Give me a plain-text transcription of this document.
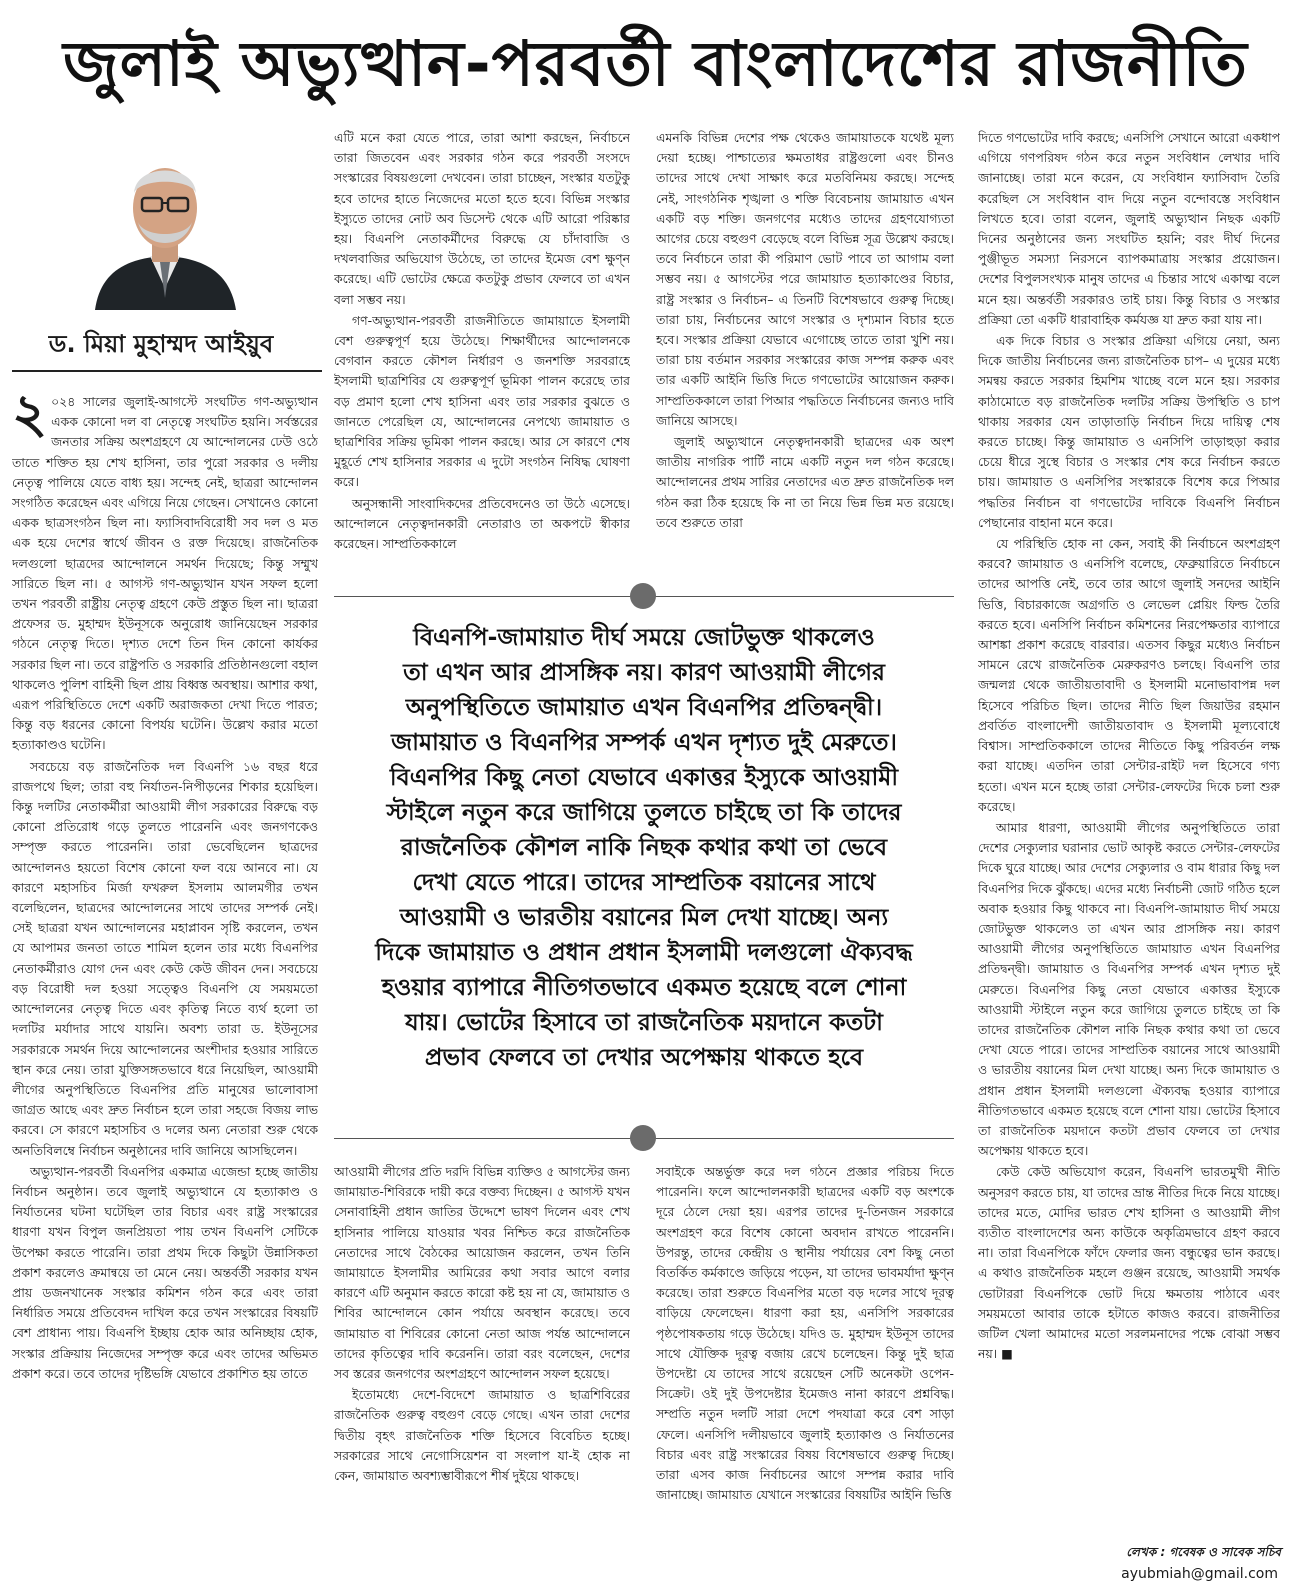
জুলাই অভ্যুত্থান-পরবর্তী বাংলাদেশের রাজনীতি
ড. মিয়া মুহাম্মদ আইয়ুব

২ ০২৪ সালের জুলাই-আগস্টে সংঘটিত গণ-অভ্যুত্থান একক কোনো দল বা নেতৃত্বে সংঘটিত হয়নি। সর্বস্তরের জনতার সক্রিয় অংশগ্রহণে যে আন্দোলনের ঢেউ ওঠে তাতে শক্তিত হয় শেখ হাসিনা, তার পুরো সরকার ও দলীয় নেতৃত্ব পালিয়ে যেতে বাধ্য হয়। সন্দেহ নেই, ছাত্ররা আন্দোলন সংগঠিত করেছেন এবং এগিয়ে নিয়ে গেছেন। সেখানেও কোনো একক ছাত্রসংগঠন ছিল না। ফ্যাসিবাদবিরোধী সব দল ও মত এক হয়ে দেশের স্বার্থে জীবন ও রক্ত দিয়েছে। রাজনৈতিক দলগুলো ছাত্রদের আন্দোলনে সমর্থন দিয়েছে; কিন্তু সম্মুখ সারিতে ছিল না। ৫ আগস্ট গণ-অভ্যুত্থান যখন সফল হলো তখন পরবর্তী রাষ্ট্রীয় নেতৃত্ব গ্রহণে কেউ প্রস্তুত ছিল না। ছাত্ররা প্রফেসর ড. মুহাম্মদ ইউনূসকে অনুরোধ জানিয়েছেন সরকার গঠনে নেতৃত্ব দিতে। দৃশ্যত দেশে তিন দিন কোনো কার্যকর সরকার ছিল না। তবে রাষ্ট্রপতি ও সরকারি প্রতিষ্ঠানগুলো বহাল থাকলেও পুলিশ বাহিনী ছিল প্রায় বিধ্বস্ত অবস্থায়। আশার কথা, এরূপ পরিস্থিতিতে দেশে একটি অরাজকতা দেখা দিতে পারত; কিন্তু বড় ধরনের কোনো বিপর্যয় ঘটেনি। উল্লেখ করার মতো হত্যাকাণ্ডও ঘটেনি।

সবচেয়ে বড় রাজনৈতিক দল বিএনপি ১৬ বছর ধরে রাজপথে ছিল; তারা বহু নির্যাতন-নিপীড়নের শিকার হয়েছিল। কিন্তু দলটির নেতাকর্মীরা আওয়ামী লীগ সরকারের বিরুদ্ধে বড় কোনো প্রতিরোধ গড়ে তুলতে পারেননি এবং জনগণকেও সম্পৃক্ত করতে পারেননি। তারা ভেবেছিলেন ছাত্রদের আন্দোলনও হয়তো বিশেষ কোনো ফল বয়ে আনবে না। যে কারণে মহাসচিব মির্জা ফখরুল ইসলাম আলমগীর তখন বলেছিলেন, ছাত্রদের আন্দোলনের সাথে তাদের সম্পর্ক নেই। সেই ছাত্ররা যখন আন্দোলনের মহাপ্লাবন সৃষ্টি করলেন, তখন যে আপামর জনতা তাতে শামিল হলেন তার মধ্যে বিএনপির নেতাকর্মীরাও যোগ দেন এবং কেউ কেউ জীবন দেন। সবচেয়ে বড় বিরোধী দল হওয়া সত্ত্বেও বিএনপি যে সময়মতো আন্দোলনের নেতৃত্ব দিতে এবং কৃতিত্ব নিতে ব্যর্থ হলো তা দলটির মর্যাদার সাথে যায়নি। অবশ্য তারা ড. ইউনূসের সরকারকে সমর্থন দিয়ে আন্দোলনের অংশীদার হওয়ার সারিতে স্থান করে নেয়। তারা যুক্তিসঙ্গতভাবে ধরে নিয়েছিল, আওয়ামী লীগের অনুপস্থিতিতে বিএনপির প্রতি মানুষের ভালোবাসা জাগ্রত আছে এবং দ্রুত নির্বাচন হলে তারা সহজে বিজয় লাভ করবে। সে কারণে মহাসচিব ও দলের অন্য নেতারা শুরু থেকে অনতিবিলম্বে নির্বাচন অনুষ্ঠানের দাবি জানিয়ে আসছিলেন।

অভ্যুত্থান-পরবর্তী বিএনপির একমাত্র এজেন্ডা হচ্ছে জাতীয় নির্বাচন অনুষ্ঠান। তবে জুলাই অভ্যুত্থানে যে হত্যাকাণ্ড ও নির্যাতনের ঘটনা ঘটেছিল তার বিচার এবং রাষ্ট্র সংস্কারের ধারণা যখন বিপুল জনপ্রিয়তা পায় তখন বিএনপি সেটিকে উপেক্ষা করতে পারেনি। তারা প্রথম দিকে কিছুটা উন্নাসিকতা প্রকাশ করলেও ক্রমান্বয়ে তা মেনে নেয়। অন্তর্বর্তী সরকার যখন প্রায় ডজনখানেক সংস্কার কমিশন গঠন করে এবং তারা নির্ধারিত সময়ে প্রতিবেদন দাখিল করে তখন সংস্কারের বিষয়টি বেশ প্রাধান্য পায়। বিএনপি ইচ্ছায় হোক আর অনিচ্ছায় হোক, সংস্কার প্রক্রিয়ায় নিজেদের সম্পৃক্ত করে এবং তাদের অভিমত প্রকাশ করে। তবে তাদের দৃষ্টিভঙ্গি যেভাবে প্রকাশিত হয় তাতে

এটি মনে করা যেতে পারে, তারা আশা করছেন, নির্বাচনে তারা জিতবেন এবং সরকার গঠন করে পরবর্তী সংসদে সংস্কারের বিষয়গুলো দেখবেন। তারা চাচ্ছেন, সংস্কার যতটুকু হবে তাদের হাতে নিজেদের মতো হতে হবে। বিভিন্ন সংস্কার ইস্যুতে তাদের নোট অব ডিসেন্ট থেকে এটি আরো পরিষ্কার হয়। বিএনপি নেতাকর্মীদের বিরুদ্ধে যে চাঁদাবাজি ও দখলবাজির অভিযোগ উঠেছে, তা তাদের ইমেজ বেশ ক্ষুণ্ন করেছে। এটি ভোটের ক্ষেত্রে কতটুকু প্রভাব ফেলবে তা এখন বলা সম্ভব নয়।

গণ-অভ্যুত্থান-পরবর্তী রাজনীতিতে জামায়াতে ইসলামী বেশ গুরুত্বপূর্ণ হয়ে উঠেছে। শিক্ষার্থীদের আন্দোলনকে বেগবান করতে কৌশল নির্ধারণ ও জনশক্তি সরবরাহে ইসলামী ছাত্রশিবির যে গুরুত্বপূর্ণ ভূমিকা পালন করেছে তার বড় প্রমাণ হলো শেখ হাসিনা এবং তার সরকার বুঝতে ও জানতে পেরেছিল যে, আন্দোলনের নেপথ্যে জামায়াত ও ছাত্রশিবির সক্রিয় ভূমিকা পালন করছে। আর সে কারণে শেষ মুহূর্তে শেখ হাসিনার সরকার এ দুটো সংগঠন নিষিদ্ধ ঘোষণা করে।

অনুসন্ধানী সাংবাদিকদের প্রতিবেদনেও তা উঠে এসেছে। আন্দোলনে নেতৃত্বদানকারী নেতারাও তা অকপটে স্বীকার করেছেন। সাম্প্রতিককালে

এমনকি বিভিন্ন দেশের পক্ষ থেকেও জামায়াতকে যথেষ্ট মূল্য দেয়া হচ্ছে। পাশ্চাত্যের ক্ষমতাধর রাষ্ট্রগুলো এবং চীনও তাদের সাথে দেখা সাক্ষাৎ করে মতবিনিময় করছে। সন্দেহ নেই, সাংগঠনিক শৃঙ্খলা ও শক্তি বিবেচনায় জামায়াত এখন একটি বড় শক্তি। জনগণের মধ্যেও তাদের গ্রহণযোগ্যতা আগের চেয়ে বহুগুণ বেড়েছে বলে বিভিন্ন সূত্র উল্লেখ করছে। তবে নির্বাচনে তারা কী পরিমাণ ভোট পাবে তা আগাম বলা সম্ভব নয়। ৫ আগস্টের পরে জামায়াত হত্যাকাণ্ডের বিচার, রাষ্ট্র সংস্কার ও নির্বাচন– এ তিনটি বিশেষভাবে গুরুত্ব দিচ্ছে। তারা চায়, নির্বাচনের আগে সংস্কার ও দৃশ্যমান বিচার হতে হবে। সংস্কার প্রক্রিয়া যেভাবে এগোচ্ছে তাতে তারা খুশি নয়। তারা চায় বর্তমান সরকার সংস্কারের কাজ সম্পন্ন করুক এবং তার একটি আইনি ভিত্তি দিতে গণভোটের আয়োজন করুক। সাম্প্রতিককালে তারা পিআর পদ্ধতিতে নির্বাচনের জন্যও দাবি জানিয়ে আসছে।

জুলাই অভ্যুত্থানে নেতৃত্বদানকারী ছাত্রদের এক অংশ জাতীয় নাগরিক পার্টি নামে একটি নতুন দল গঠন করেছে। আন্দোলনের প্রথম সারির নেতাদের এত দ্রুত রাজনৈতিক দল গঠন করা ঠিক হয়েছে কি না তা নিয়ে ভিন্ন ভিন্ন মত রয়েছে। তবে শুরুতে তারা

বিএনপি-জামায়াত দীর্ঘ সময়ে জোটভুক্ত থাকলেও
তা এখন আর প্রাসঙ্গিক নয়। কারণ আওয়ামী লীগের
অনুপস্থিতিতে জামায়াত এখন বিএনপির প্রতিদ্বন্দ্বী।
জামায়াত ও বিএনপির সম্পর্ক এখন দৃশ্যত দুই মেরুতে।
বিএনপির কিছু নেতা যেভাবে একাত্তর ইস্যুকে আওয়ামী
স্টাইলে নতুন করে জাগিয়ে তুলতে চাইছে তা কি তাদের
রাজনৈতিক কৌশল নাকি নিছক কথার কথা তা ভেবে
দেখা যেতে পারে। তাদের সাম্প্রতিক বয়ানের সাথে
আওয়ামী ও ভারতীয় বয়ানের মিল দেখা যাচ্ছে। অন্য
দিকে জামায়াত ও প্রধান প্রধান ইসলামী দলগুলো ঐক্যবদ্ধ
হওয়ার ব্যাপারে নীতিগতভাবে একমত হয়েছে বলে শোনা
যায়। ভোটের হিসাবে তা রাজনৈতিক ময়দানে কতটা
প্রভাব ফেলবে তা দেখার অপেক্ষায় থাকতে হবে

আওয়ামী লীগের প্রতি দরদি বিভিন্ন ব্যক্তিও ৫ আগস্টের জন্য জামায়াত-শিবিরকে দায়ী করে বক্তব্য দিচ্ছেন। ৫ আগস্ট যখন সেনাবাহিনী প্রধান জাতির উদ্দেশে ভাষণ দিলেন এবং শেখ হাসিনার পালিয়ে যাওয়ার খবর নিশ্চিত করে রাজনৈতিক নেতাদের সাথে বৈঠকের আয়োজন করলেন, তখন তিনি জামায়াতে ইসলামীর আমিরের কথা সবার আগে বলার কারণে এটি অনুমান করতে কারো কষ্ট হয় না যে, জামায়াত ও শিবির আন্দোলনে কোন পর্যায়ে অবস্থান করেছে। তবে জামায়াত বা শিবিরের কোনো নেতা আজ পর্যন্ত আন্দোলনে তাদের কৃতিত্বের দাবি করেননি। তারা বরং বলেছেন, দেশের সব স্তরের জনগণের অংশগ্রহণে আন্দোলন সফল হয়েছে।

ইতোমধ্যে দেশে-বিদেশে জামায়াত ও ছাত্রশিবিরের রাজনৈতিক গুরুত্ব বহুগুণ বেড়ে গেছে। এখন তারা দেশের দ্বিতীয় বৃহৎ রাজনৈতিক শক্তি হিসেবে বিবেচিত হচ্ছে। সরকারের সাথে নেগোসিয়েশন বা সংলাপ যা-ই হোক না কেন, জামায়াত অবশ্যম্ভাবীরূপে শীর্ষ দুইয়ে থাকছে।

সবাইকে অন্তর্ভুক্ত করে দল গঠনে প্রজ্ঞার পরিচয় দিতে পারেননি। ফলে আন্দোলনকারী ছাত্রদের একটি বড় অংশকে দূরে ঠেলে দেয়া হয়। এরপর তাদের দু-তিনজন সরকারে অংশগ্রহণ করে বিশেষ কোনো অবদান রাখতে পারেননি। উপরন্তু, তাদের কেন্দ্রীয় ও স্থানীয় পর্যায়ের বেশ কিছু নেতা বিতর্কিত কর্মকাণ্ডে জড়িয়ে পড়েন, যা তাদের ভাবমর্যাদা ক্ষুণ্ন করেছে। তারা শুরুতে বিএনপির মতো বড় দলের সাথে দূরত্ব বাড়িয়ে ফেলেছেন। ধারণা করা হয়, এনসিপি সরকারের পৃষ্ঠপোষকতায় গড়ে উঠেছে। যদিও ড. মুহাম্মদ ইউনূস তাদের সাথে যৌক্তিক দূরত্ব বজায় রেখে চলেছেন। কিন্তু দুই ছাত্র উপদেষ্টা যে তাদের সাথে রয়েছেন সেটি অনেকটা ওপেন-সিক্রেট। ওই দুই উপদেষ্টার ইমেজও নানা কারণে প্রশ্নবিদ্ধ। সম্প্রতি নতুন দলটি সারা দেশে পদযাত্রা করে বেশ সাড়া ফেলে। এনসিপি দলীয়ভাবে জুলাই হত্যাকাণ্ড ও নির্যাতনের বিচার এবং রাষ্ট্র সংস্কারের বিষয় বিশেষভাবে গুরুত্ব দিচ্ছে। তারা এসব কাজ নির্বাচনের আগে সম্পন্ন করার দাবি জানাচ্ছে। জামায়াত যেখানে সংস্কারের বিষয়টির আইনি ভিত্তি

দিতে গণভোটের দাবি করছে; এনসিপি সেখানে আরো একধাপ এগিয়ে গণপরিষদ গঠন করে নতুন সংবিধান লেখার দাবি জানাচ্ছে। তারা মনে করেন, যে সংবিধান ফ্যাসিবাদ তৈরি করেছিল সে সংবিধান বাদ দিয়ে নতুন বন্দোবস্তে সংবিধান লিখতে হবে। তারা বলেন, জুলাই অভ্যুত্থান নিছক একটি দিনের অনুষ্ঠানের জন্য সংঘটিত হয়নি; বরং দীর্ঘ দিনের পুঞ্জীভূত সমস্যা নিরসনে ব্যাপকমাত্রায় সংস্কার প্রয়োজন। দেশের বিপুলসংখ্যক মানুষ তাদের এ চিন্তার সাথে একাত্ম বলে মনে হয়। অন্তর্বর্তী সরকারও তাই চায়। কিন্তু বিচার ও সংস্কার প্রক্রিয়া তো একটি ধারাবাহিক কর্মযজ্ঞ যা দ্রুত করা যায় না।

এক দিকে বিচার ও সংস্কার প্রক্রিয়া এগিয়ে নেয়া, অন্য দিকে জাতীয় নির্বাচনের জন্য রাজনৈতিক চাপ– এ দুয়ের মধ্যে সমন্বয় করতে সরকার হিমশিম খাচ্ছে বলে মনে হয়। সরকার কাঠামোতে বড় রাজনৈতিক দলটির সক্রিয় উপস্থিতি ও চাপ থাকায় সরকার যেন তাড়াতাড়ি নির্বাচন দিয়ে দায়িত্ব শেষ করতে চাচ্ছে। কিন্তু জামায়াত ও এনসিপি তাড়াহুড়া করার চেয়ে ধীরে সুস্থে বিচার ও সংস্কার শেষ করে নির্বাচন করতে চায়। জামায়াত ও এনসিপির সংস্কারকে বিশেষ করে পিআর পদ্ধতির নির্বাচন বা গণভোটের দাবিকে বিএনপি নির্বাচন পেছানোর বাহানা মনে করে।

যে পরিস্থিতি হোক না কেন, সবাই কী নির্বাচনে অংশগ্রহণ করবে? জামায়াত ও এনসিপি বলেছে, ফেব্রুয়ারিতে নির্বাচনে তাদের আপত্তি নেই, তবে তার আগে জুলাই সনদের আইনি ভিত্তি, বিচারকাজে অগ্রগতি ও লেভেল প্লেয়িং ফিল্ড তৈরি করতে হবে। এনসিপি নির্বাচন কমিশনের নিরপেক্ষতার ব্যাপারে আশঙ্কা প্রকাশ করেছে বারবার। এতসব কিছুর মধ্যেও নির্বাচন সামনে রেখে রাজনৈতিক মেরুকরণও চলছে। বিএনপি তার জন্মলগ্ন থেকে জাতীয়তাবাদী ও ইসলামী মনোভাবাপন্ন দল হিসেবে পরিচিত ছিল। তাদের নীতি ছিল জিয়াউর রহমান প্রবর্তিত বাংলাদেশী জাতীয়তাবাদ ও ইসলামী মূল্যবোধে বিশ্বাস। সাম্প্রতিককালে তাদের নীতিতে কিছু পরিবর্তন লক্ষ করা যাচ্ছে। এতদিন তারা সেন্টার-রাইট দল হিসেবে গণ্য হতো। এখন মনে হচ্ছে তারা সেন্টার-লেফটের দিকে চলা শুরু করেছে।

আমার ধারণা, আওয়ামী লীগের অনুপস্থিতিতে তারা দেশের সেক্যুলার ঘরানার ভোট আকৃষ্ট করতে সেন্টার-লেফটের দিকে ঘুরে যাচ্ছে। আর দেশের সেক্যুলার ও বাম ধারার কিছু দল বিএনপির দিকে ঝুঁকছে। এদের মধ্যে নির্বাচনী জোট গঠিত হলে অবাক হওয়ার কিছু থাকবে না। বিএনপি-জামায়াত দীর্ঘ সময়ে জোটভুক্ত থাকলেও তা এখন আর প্রাসঙ্গিক নয়। কারণ আওয়ামী লীগের অনুপস্থিতিতে জামায়াত এখন বিএনপির প্রতিদ্বন্দ্বী। জামায়াত ও বিএনপির সম্পর্ক এখন দৃশ্যত দুই মেরুতে। বিএনপির কিছু নেতা যেভাবে একাত্তর ইস্যুকে আওয়ামী স্টাইলে নতুন করে জাগিয়ে তুলতে চাইছে তা কি তাদের রাজনৈতিক কৌশল নাকি নিছক কথার কথা তা ভেবে দেখা যেতে পারে। তাদের সাম্প্রতিক বয়ানের সাথে আওয়ামী ও ভারতীয় বয়ানের মিল দেখা যাচ্ছে। অন্য দিকে জামায়াত ও প্রধান প্রধান ইসলামী দলগুলো ঐক্যবদ্ধ হওয়ার ব্যাপারে নীতিগতভাবে একমত হয়েছে বলে শোনা যায়। ভোটের হিসাবে তা রাজনৈতিক ময়দানে কতটা প্রভাব ফেলবে তা দেখার অপেক্ষায় থাকতে হবে।

কেউ কেউ অভিযোগ করেন, বিএনপি ভারতমুখী নীতি অনুসরণ করতে চায়, যা তাদের ভ্রান্ত নীতির দিকে নিয়ে যাচ্ছে। তাদের মতে, মোদির ভারত শেখ হাসিনা ও আওয়ামী লীগ ব্যতীত বাংলাদেশের অন্য কাউকে অকৃত্রিমভাবে গ্রহণ করবে না। তারা বিএনপিকে ফাঁদে ফেলার জন্য বন্ধুত্বের ভান করছে। এ কথাও রাজনৈতিক মহলে গুঞ্জন রয়েছে, আওয়ামী সমর্থক ভোটাররা বিএনপিকে ভোট দিয়ে ক্ষমতায় পাঠাবে এবং সময়মতো আবার তাকে হটাতে কাজও করবে। রাজনীতির জটিল খেলা আমাদের মতো সরলমনাদের পক্ষে বোঝা সম্ভব নয়। ■

লেখক : গবেষক ও সাবেক সচিব
ayubmiah@gmail.com
